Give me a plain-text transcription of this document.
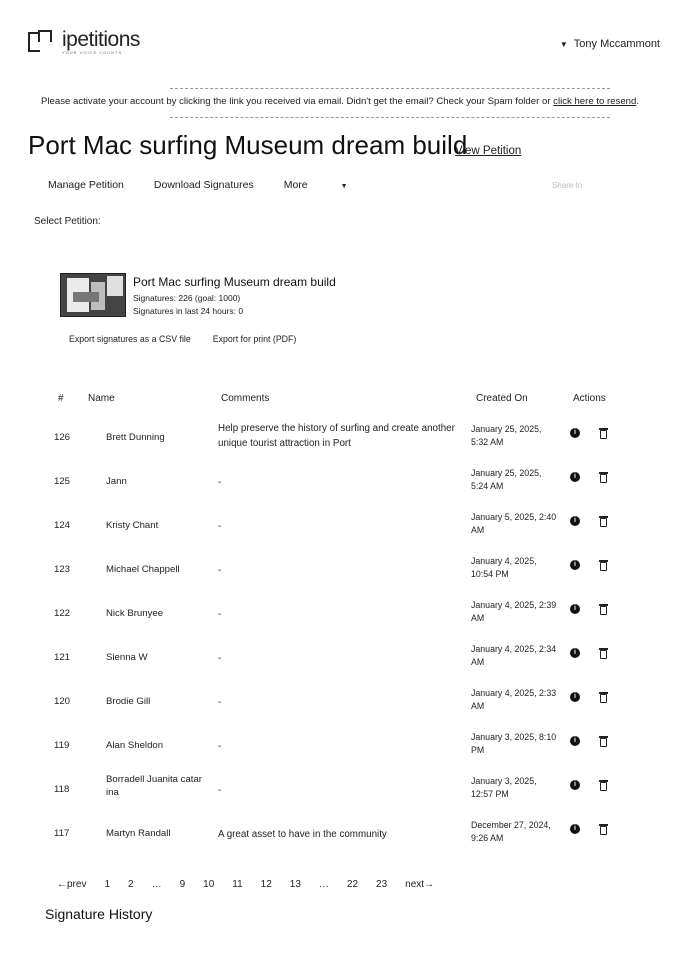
ipetitions
YOUR VOICE COUNTS
▼ Tony Mccammont
Please activate your account by clicking the link you received via email. Didn't get the email? Check your Spam folder or click here to resend.
Port Mac surfing Museum dream build
View Petition
Manage Petition	Download Signatures	More	▼	Share In
Select Petition:
Port Mac surfing Museum dream build
Signatures: 226 (goal: 1000)
Signatures in last 24 hours: 0
Export signatures as a CSV file	Export for print (PDF)
# Name	Comments	Created On	Actions
126	Brett Dunning
Help preserve the history of surfing and create another unique tourist attraction in Port
January 25, 2025, 5:32 AM
i
125	Jann	-
January 25, 2025, 5:24 AM
i
124	Kristy Chant	-
January 5, 2025, 2:40 AM
i
123	Michael Chappell	-
January 4, 2025, 10:54 PM
i
122	Nick Brunyee	-
January 4, 2025, 2:39 AM
i
121	Sienna W	-
January 4, 2025, 2:34 AM
i
120	Brodie Gill	-
January 4, 2025, 2:33 AM
i
119	Alan Sheldon	-
January 3, 2025, 8:10 PM
i
118
Borradell Juanita catar ina	-
January 3, 2025, 12:57 PM
i
117	Martyn Randall	A great asset to have in the community
December 27, 2024, 9:26 AM
i
←prev 1 2 … 9 10 11 12 13 … 22 23 next→
Signature History
